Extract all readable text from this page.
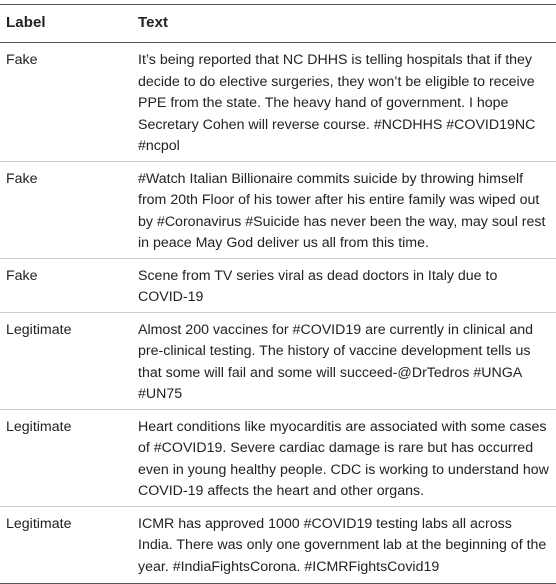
Label	Text
Fake	It’s being reported that NC DHHS is telling hospitals that if they decide to do elective surgeries, they won’t be eligible to receive PPE from the state. The heavy hand of government. I hope Secretary Cohen will reverse course. #NCDHHS #COVID19NC #ncpol
Fake	#Watch Italian Billionaire commits suicide by throwing himself from 20th Floor of his tower after his entire family was wiped out by #Coronavirus #Suicide has never been the way, may soul rest in peace May God deliver us all from this time.
Fake	Scene from TV series viral as dead doctors in Italy due to COVID-19
Legitimate	Almost 200 vaccines for #COVID19 are currently in clinical and pre-clinical testing. The history of vaccine development tells us that some will fail and some will succeed-@DrTedros #UNGA #UN75
Legitimate	Heart conditions like myocarditis are associated with some cases of #COVID19. Severe cardiac damage is rare but has occurred even in young healthy people. CDC is working to understand how COVID-19 affects the heart and other organs.
Legitimate	ICMR has approved 1000 #COVID19 testing labs all across India. There was only one government lab at the beginning of the year. #IndiaFightsCorona. #ICMRFightsCovid19
